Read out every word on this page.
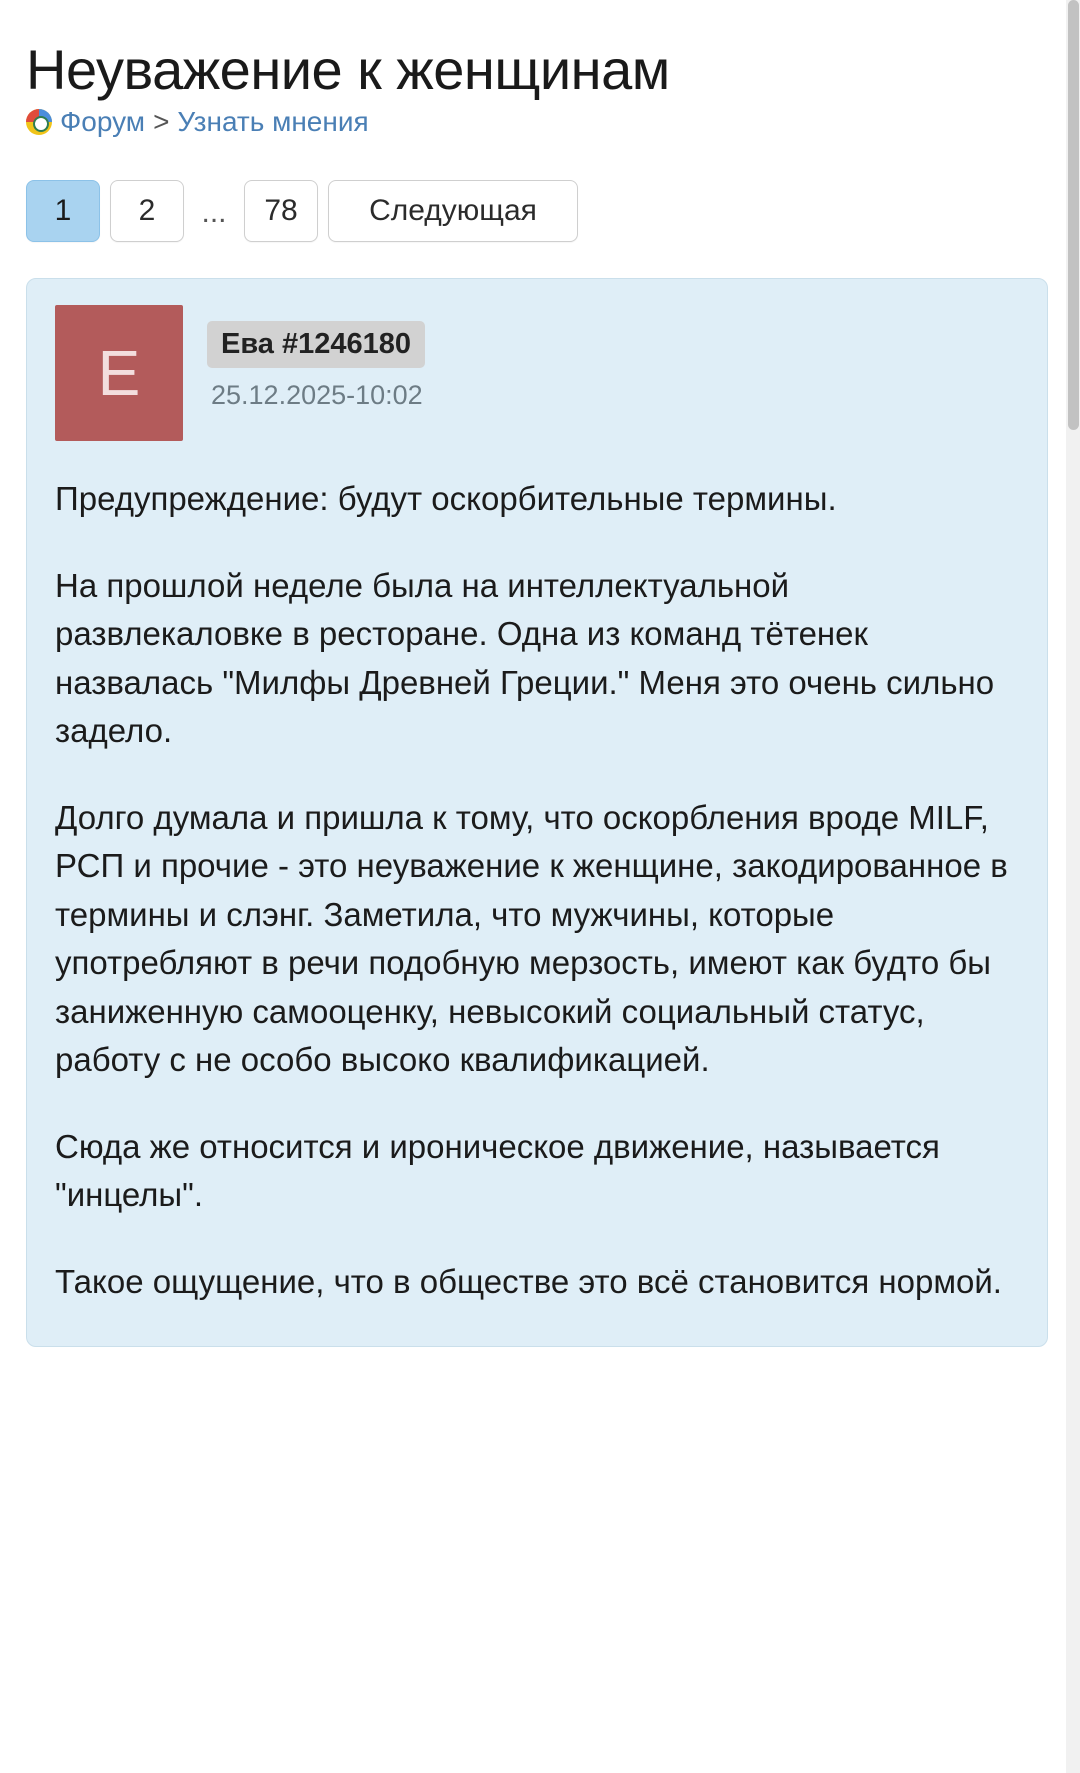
Неуважение к женщинам
Форум > Узнать мнения
1	2	...	78	Следующая
E	Ева #1246180
25.12.2025-10:02

Предупреждение: будут оскорбительные термины.

На прошлой неделе была на интеллектуальной развлекаловке в ресторане. Одна из команд тётенек назвалась "Милфы Древней Греции." Меня это очень сильно задело.

Долго думала и пришла к тому, что оскорбления вроде MILF, РСП и прочие - это неуважение к женщине, закодированное в термины и слэнг. Заметила, что мужчины, которые употребляют в речи подобную мерзость, имеют как будто бы заниженную самооценку, невысокий социальный статус, работу с не особо высоко квалификацией.

Сюда же относится и ироническое движение, называется "инцелы".

Такое ощущение, что в обществе это всё становится нормой.
